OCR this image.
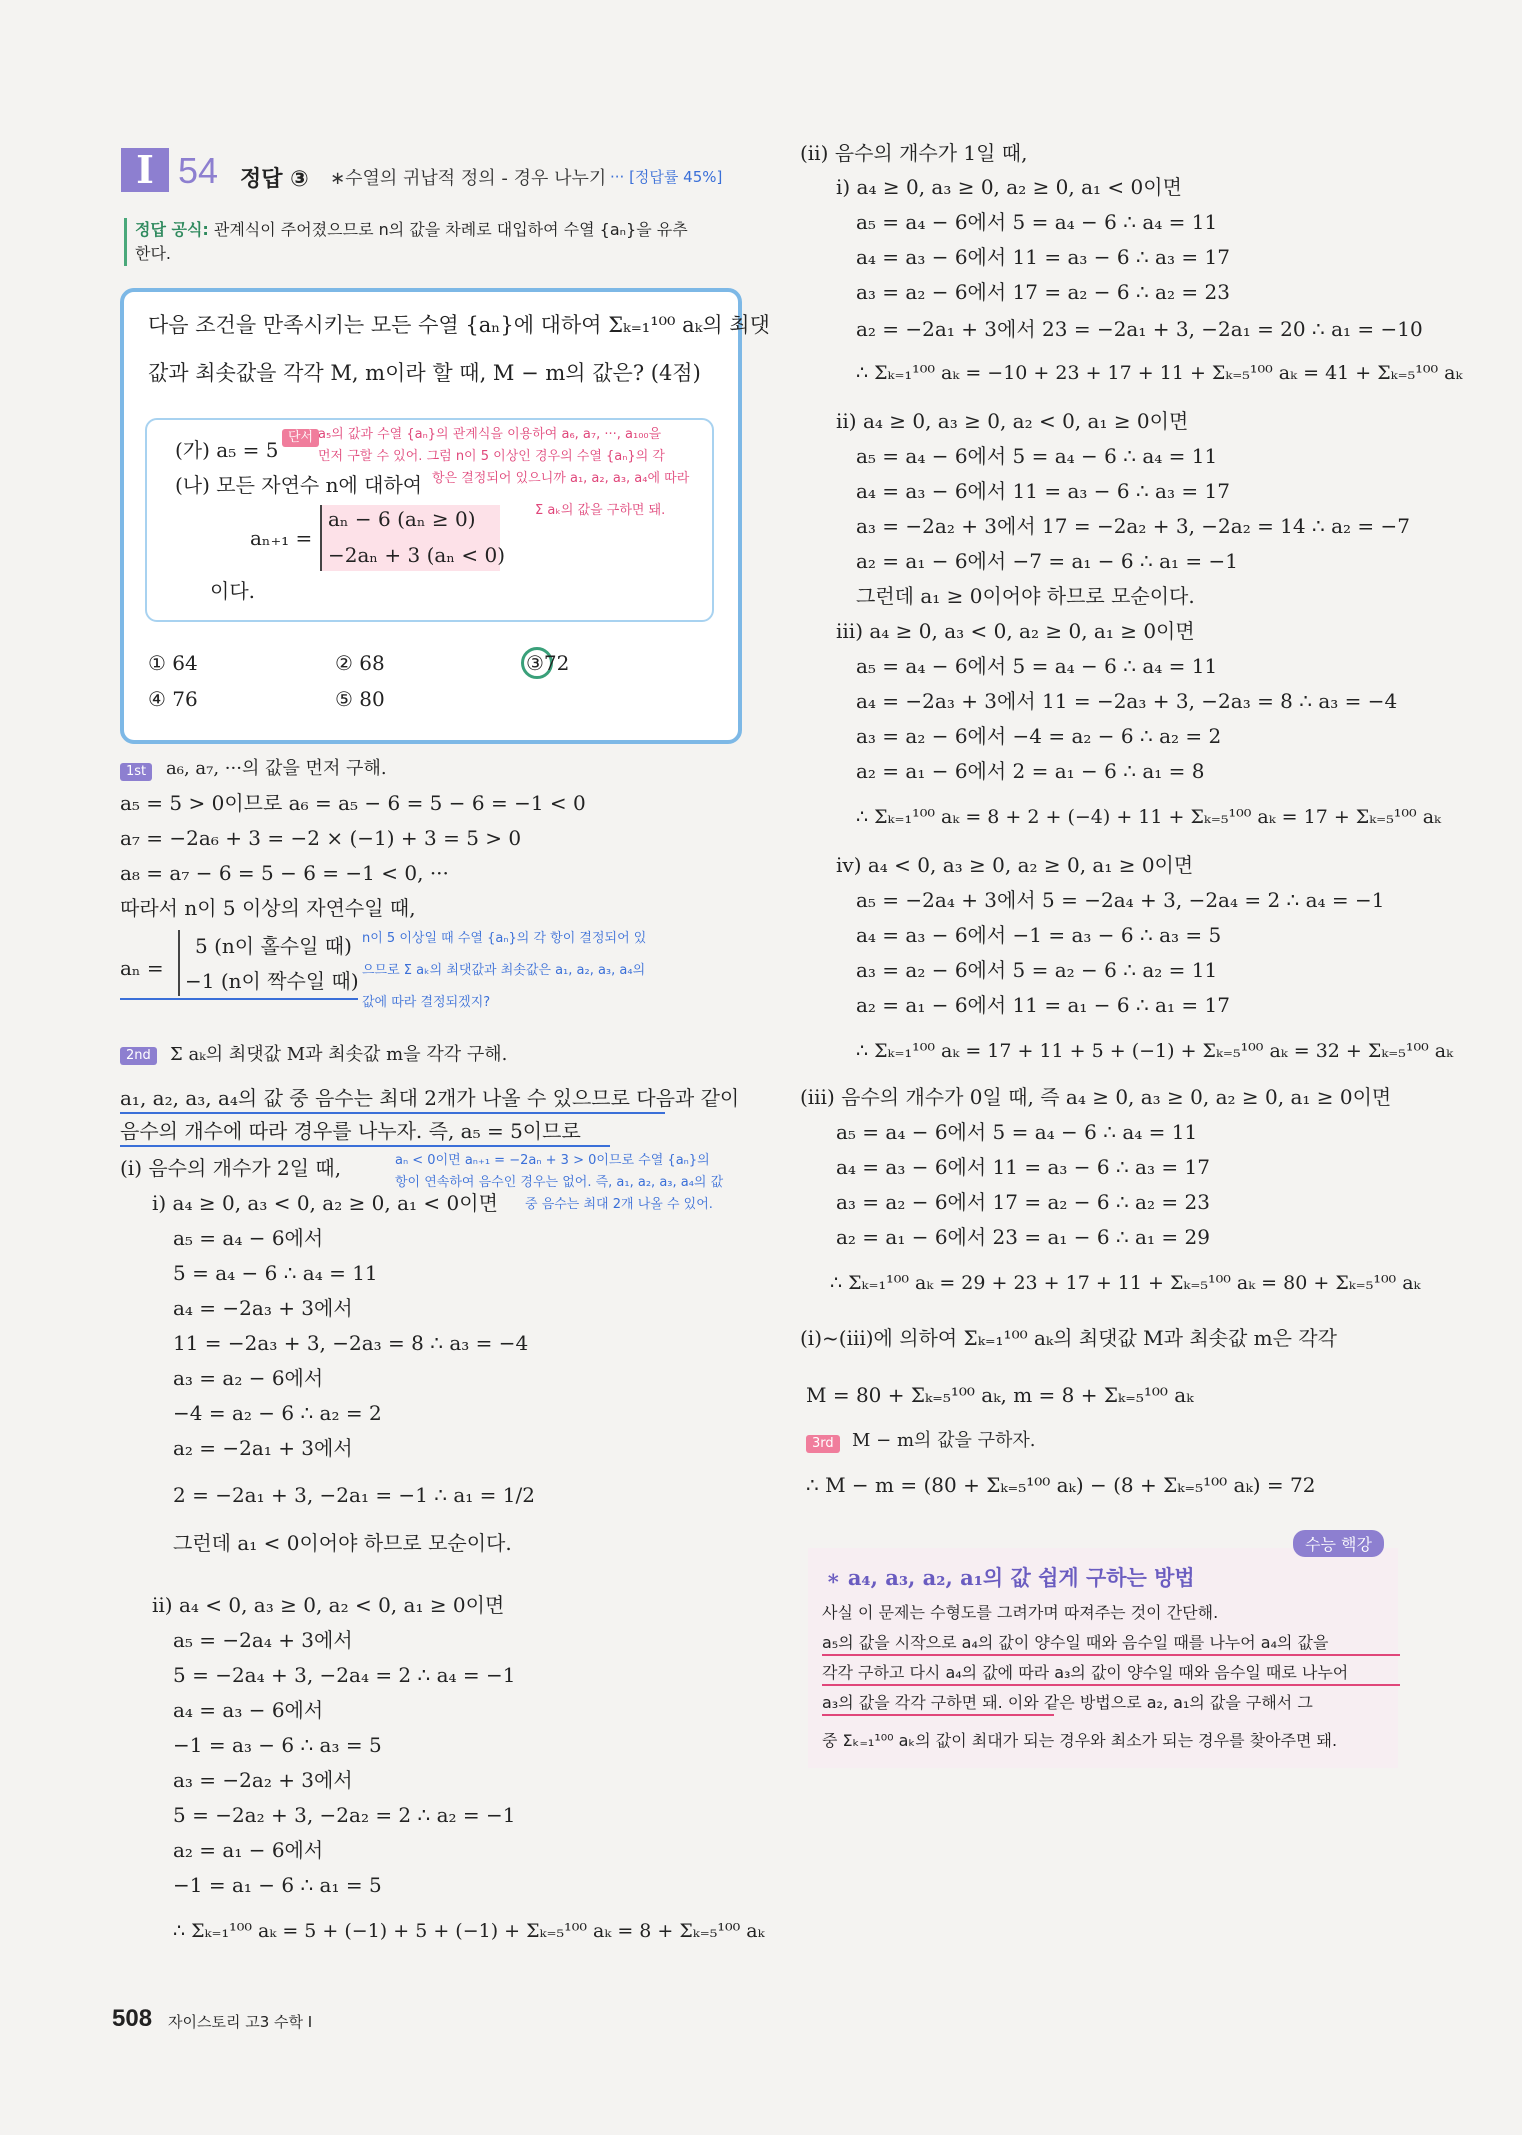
I 54 정답 ③ ∗수열의 귀납적 정의 - 경우 나누기 ··· [정답률 45%]
정답 공식: 관계식이 주어졌으므로 n의 값을 차례로 대입하여 수열 {aₙ}을 유추
한다.
다음 조건을 만족시키는 모든 수열 {aₙ}에 대하여 Σₖ₌₁¹⁰⁰ aₖ의 최댓
값과 최솟값을 각각 M, m이라 할 때, M − m의 값은? (4점)
(가) a₅ = 5
(나) 모든 자연수 n에 대하여
aₙ₊₁ =
aₙ − 6 (aₙ ≥ 0)
−2aₙ + 3 (aₙ < 0)
이다.
단서 a₅의 값과 수열 {aₙ}의 관계식을 이용하여 a₆, a₇, ···, a₁₀₀을
먼저 구할 수 있어. 그럼 n이 5 이상인 경우의 수열 {aₙ}의 각
항은 결정되어 있으니까 a₁, a₂, a₃, a₄에 따라
Σ aₖ의 값을 구하면 돼.
① 64	② 68	③72
④ 76	⑤ 80
1st	a₆, a₇, ···의 값을 먼저 구해.
a₅ = 5 > 0이므로 a₆ = a₅ − 6 = 5 − 6 = −1 < 0
a₇ = −2a₆ + 3 = −2 × (−1) + 3 = 5 > 0
a₈ = a₇ − 6 = 5 − 6 = −1 < 0, ···
따라서 n이 5 이상의 자연수일 때,
aₙ =
5 (n이 홀수일 때)
−1 (n이 짝수일 때)
n이 5 이상일 때 수열 {aₙ}의 각 항이 결정되어 있
으므로 Σ aₖ의 최댓값과 최솟값은 a₁, a₂, a₃, a₄의
값에 따라 결정되겠지?
2nd	Σ aₖ의 최댓값 M과 최솟값 m을 각각 구해.
a₁, a₂, a₃, a₄의 값 중 음수는 최대 2개가 나올 수 있으므로 다음과 같이
음수의 개수에 따라 경우를 나누자. 즉, a₅ = 5이므로
aₙ < 0이면 aₙ₊₁ = −2aₙ + 3 > 0이므로 수열 {aₙ}의
항이 연속하여 음수인 경우는 없어. 즉, a₁, a₂, a₃, a₄의 값
중 음수는 최대 2개 나올 수 있어.
(ⅰ) 음수의 개수가 2일 때,
ⅰ) a₄ ≥ 0, a₃ < 0, a₂ ≥ 0, a₁ < 0이면
a₅ = a₄ − 6에서
5 = a₄ − 6 ∴ a₄ = 11
a₄ = −2a₃ + 3에서
11 = −2a₃ + 3, −2a₃ = 8 ∴ a₃ = −4
a₃ = a₂ − 6에서
−4 = a₂ − 6 ∴ a₂ = 2
a₂ = −2a₁ + 3에서
2 = −2a₁ + 3, −2a₁ = −1 ∴ a₁ = 1/2
그런데 a₁ < 0이어야 하므로 모순이다.
ⅱ) a₄ < 0, a₃ ≥ 0, a₂ < 0, a₁ ≥ 0이면
a₅ = −2a₄ + 3에서
5 = −2a₄ + 3, −2a₄ = 2 ∴ a₄ = −1
a₄ = a₃ − 6에서
−1 = a₃ − 6 ∴ a₃ = 5
a₃ = −2a₂ + 3에서
5 = −2a₂ + 3, −2a₂ = 2 ∴ a₂ = −1
a₂ = a₁ − 6에서
−1 = a₁ − 6 ∴ a₁ = 5
∴ Σₖ₌₁¹⁰⁰ aₖ = 5 + (−1) + 5 + (−1) + Σₖ₌₅¹⁰⁰ aₖ = 8 + Σₖ₌₅¹⁰⁰ aₖ
(ⅱ) 음수의 개수가 1일 때,
ⅰ) a₄ ≥ 0, a₃ ≥ 0, a₂ ≥ 0, a₁ < 0이면
a₅ = a₄ − 6에서 5 = a₄ − 6 ∴ a₄ = 11
a₄ = a₃ − 6에서 11 = a₃ − 6 ∴ a₃ = 17
a₃ = a₂ − 6에서 17 = a₂ − 6 ∴ a₂ = 23
a₂ = −2a₁ + 3에서 23 = −2a₁ + 3, −2a₁ = 20 ∴ a₁ = −10
∴ Σₖ₌₁¹⁰⁰ aₖ = −10 + 23 + 17 + 11 + Σₖ₌₅¹⁰⁰ aₖ = 41 + Σₖ₌₅¹⁰⁰ aₖ
ⅱ) a₄ ≥ 0, a₃ ≥ 0, a₂ < 0, a₁ ≥ 0이면
a₅ = a₄ − 6에서 5 = a₄ − 6 ∴ a₄ = 11
a₄ = a₃ − 6에서 11 = a₃ − 6 ∴ a₃ = 17
a₃ = −2a₂ + 3에서 17 = −2a₂ + 3, −2a₂ = 14 ∴ a₂ = −7
a₂ = a₁ − 6에서 −7 = a₁ − 6 ∴ a₁ = −1
그런데 a₁ ≥ 0이어야 하므로 모순이다.
ⅲ) a₄ ≥ 0, a₃ < 0, a₂ ≥ 0, a₁ ≥ 0이면
a₅ = a₄ − 6에서 5 = a₄ − 6 ∴ a₄ = 11
a₄ = −2a₃ + 3에서 11 = −2a₃ + 3, −2a₃ = 8 ∴ a₃ = −4
a₃ = a₂ − 6에서 −4 = a₂ − 6 ∴ a₂ = 2
a₂ = a₁ − 6에서 2 = a₁ − 6 ∴ a₁ = 8
∴ Σₖ₌₁¹⁰⁰ aₖ = 8 + 2 + (−4) + 11 + Σₖ₌₅¹⁰⁰ aₖ = 17 + Σₖ₌₅¹⁰⁰ aₖ
ⅳ) a₄ < 0, a₃ ≥ 0, a₂ ≥ 0, a₁ ≥ 0이면
a₅ = −2a₄ + 3에서 5 = −2a₄ + 3, −2a₄ = 2 ∴ a₄ = −1
a₄ = a₃ − 6에서 −1 = a₃ − 6 ∴ a₃ = 5
a₃ = a₂ − 6에서 5 = a₂ − 6 ∴ a₂ = 11
a₂ = a₁ − 6에서 11 = a₁ − 6 ∴ a₁ = 17
∴ Σₖ₌₁¹⁰⁰ aₖ = 17 + 11 + 5 + (−1) + Σₖ₌₅¹⁰⁰ aₖ = 32 + Σₖ₌₅¹⁰⁰ aₖ
(ⅲ) 음수의 개수가 0일 때, 즉 a₄ ≥ 0, a₃ ≥ 0, a₂ ≥ 0, a₁ ≥ 0이면
a₅ = a₄ − 6에서 5 = a₄ − 6 ∴ a₄ = 11
a₄ = a₃ − 6에서 11 = a₃ − 6 ∴ a₃ = 17
a₃ = a₂ − 6에서 17 = a₂ − 6 ∴ a₂ = 23
a₂ = a₁ − 6에서 23 = a₁ − 6 ∴ a₁ = 29
∴ Σₖ₌₁¹⁰⁰ aₖ = 29 + 23 + 17 + 11 + Σₖ₌₅¹⁰⁰ aₖ = 80 + Σₖ₌₅¹⁰⁰ aₖ
(ⅰ)~(ⅲ)에 의하여 Σₖ₌₁¹⁰⁰ aₖ의 최댓값 M과 최솟값 m은 각각
M = 80 + Σₖ₌₅¹⁰⁰ aₖ, m = 8 + Σₖ₌₅¹⁰⁰ aₖ
3rd	M − m의 값을 구하자.
∴ M − m = (80 + Σₖ₌₅¹⁰⁰ aₖ) − (8 + Σₖ₌₅¹⁰⁰ aₖ) = 72
수능 핵강
∗ a₄, a₃, a₂, a₁의 값 쉽게 구하는 방법
사실 이 문제는 수형도를 그려가며 따져주는 것이 간단해.
a₅의 값을 시작으로 a₄의 값이 양수일 때와 음수일 때를 나누어 a₄의 값을
각각 구하고 다시 a₄의 값에 따라 a₃의 값이 양수일 때와 음수일 때로 나누어
a₃의 값을 각각 구하면 돼. 이와 같은 방법으로 a₂, a₁의 값을 구해서 그
중 Σₖ₌₁¹⁰⁰ aₖ의 값이 최대가 되는 경우와 최소가 되는 경우를 찾아주면 돼.
508 자이스토리 고3 수학 Ⅰ
